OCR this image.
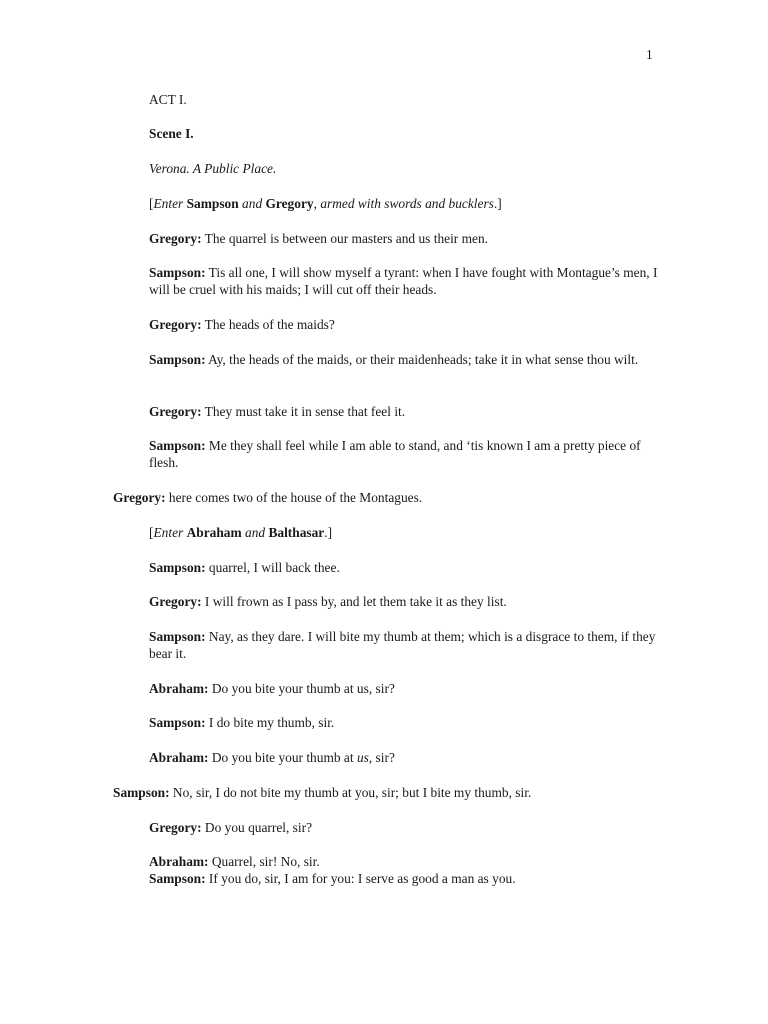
1

ACT I.

Scene I.

Verona. A Public Place.

[Enter Sampson and Gregory, armed with swords and bucklers.]

Gregory: The quarrel is between our masters and us their men.

Sampson: Tis all one, I will show myself a tyrant: when I have fought with Montague’s men, I will be cruel with his maids; I will cut off their heads.

Gregory: The heads of the maids?

Sampson: Ay, the heads of the maids, or their maidenheads; take it in what sense thou wilt.

Gregory: They must take it in sense that feel it.

Sampson: Me they shall feel while I am able to stand, and ‘tis known I am a pretty piece of flesh.

Gregory: here comes two of the house of the Montagues.

[Enter Abraham and Balthasar.]

Sampson: quarrel, I will back thee.

Gregory: I will frown as I pass by, and let them take it as they list.

Sampson: Nay, as they dare. I will bite my thumb at them; which is a disgrace to them, if they bear it.

Abraham: Do you bite your thumb at us, sir?

Sampson: I do bite my thumb, sir.

Abraham: Do you bite your thumb at us, sir?

Sampson: No, sir, I do not bite my thumb at you, sir; but I bite my thumb, sir.

Gregory: Do you quarrel, sir?

Abraham: Quarrel, sir! No, sir.

Sampson: If you do, sir, I am for you: I serve as good a man as you.
